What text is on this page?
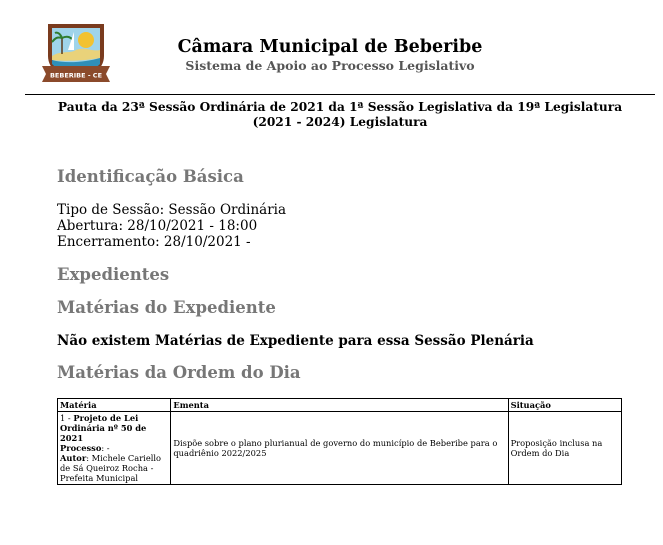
BEBERIBE - CE
Câmara Municipal de Beberibe
Sistema de Apoio ao Processo Legislativo
Pauta da 23ª Sessão Ordinária de 2021 da 1ª Sessão Legislativa da 19ª Legislatura
(2021 - 2024) Legislatura
Identificação Básica
Tipo de Sessão: Sessão Ordinária
Abertura: 28/10/2021 - 18:00
Encerramento: 28/10/2021 -
Expedientes
Matérias do Expediente
Não existem Matérias de Expediente para essa Sessão Plenária
Matérias da Ordem do Dia
Matéria	Ementa	Situação
1 - Projeto de Lei Ordinária nº 50 de 2021
Processo: -
Autor: Michele Cariello de Sá Queiroz Rocha - Prefeita Municipal	Dispõe sobre o plano plurianual de governo do município de Beberibe para o quadriênio 2022/2025	Proposição inclusa na Ordem do Dia
